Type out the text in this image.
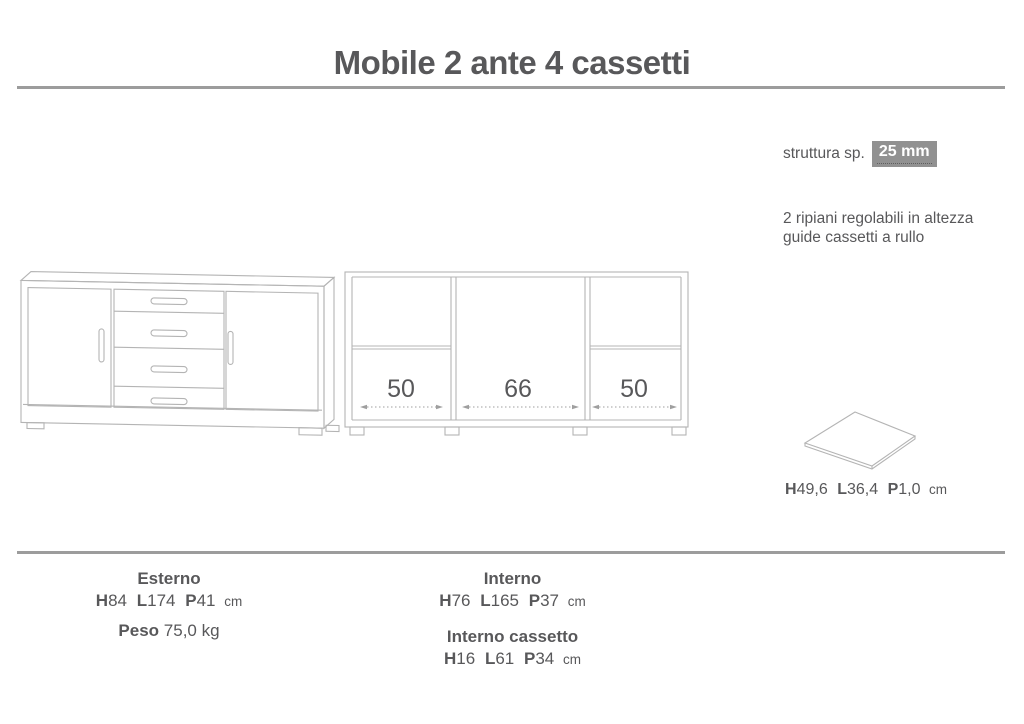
Mobile 2 ante 4 cassetti
struttura sp. 25 mm
2 ripiani regolabili in altezza
guide cassetti a rullo
50	66	50
H49,6 L36,4 P1,0 cm
Esterno
H84 L174 P41 cm
Peso 75,0 kg
Interno
H76 L165 P37 cm
Interno cassetto
H16 L61 P34 cm
